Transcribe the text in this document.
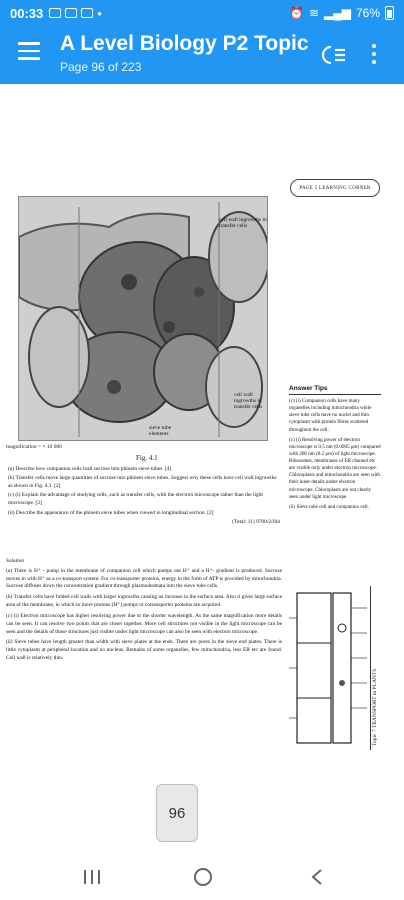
00:33	•	⏰ ≋ ▂▄▆ 76%
A Level Biology P2 Topic
Page 96 of 223
PAGE 5 LEARNING CORNER
cell wall ingrowths in transfer cells
cell wall ingrowths in transfer cells
sieve tube elements
magnification = × 10 000
Fig. 4.1

(a) Describe how companion cells load sucrose into phloem sieve tubes. [4]

(b) Transfer cells move large quantities of sucrose into phloem sieve tubes. Suggest why these cells have cell wall ingrowths as shown in Fig. 4.1. [2]

(c) (i) Explain the advantage of studying cells, such as transfer cells, with the electron microscope rather than the light microscope. [3]

(ii) Describe the appearance of the phloem sieve tubes when viewed in longitudinal section. [2]

(Total: 11) 9700/2/J04

Solution

(a) There is H⁺ - pump in the membrane of companion cell which pumps out H⁺ and a H⁺- gradient is produced. Sucrose moves in with H⁺ as a co-transport system. For co-transporter proteins, energy in the form of ATP is provided by mitochondria. Sucrose diffuses down the concentration gradient through plasmodesmata into the sieve tube cells.

(b) Transfer cells have folded cell walls with larger ingrowths causing an increase in the surface area. Also it gives large surface area of the membrane, in which so more protons (H⁺) pumps or cotransporter proteins are acquired.

(c) (i) Electron microscope has higher resolving power due to the shorter wavelength. As the same magnification more details can be seen. It can resolve two points that are closer together. More cell structures not visible in the light microscope can be seen and the details of those structures just visible under light microscope can also be seen with electron microscope.

(ii) Sieve tubes have length greater than width with sieve plates at the ends. There are pores in the sieve end plates. There is little cytoplasm at peripheral location and no nucleus. Remains of some organelles, few mitochondria, less ER etc are found. Cell wall is relatively thin.

Answer Tips

(c) (i) Companion cells have many organelles including mitochondria while sieve tube cells have no nuclei and thin cytoplasm with protein fibres scattered throughout the cell.

(c) (i) Resolving power of electron microscope is 0.5 nm (0.0005 μm) compared with 200 nm (0.2 μm) of light microscope. Ribosomes, membranes of ER channel etc are visible only under electron microscope. Chloroplasts and mitochondria are seen with their inner details under electron microscope. Chloroplasts are not clearly seen under light microscope.

(ii) Sieve tube cell and companion cell.

Topic 7 TRANSPORT in PLANTS
96
